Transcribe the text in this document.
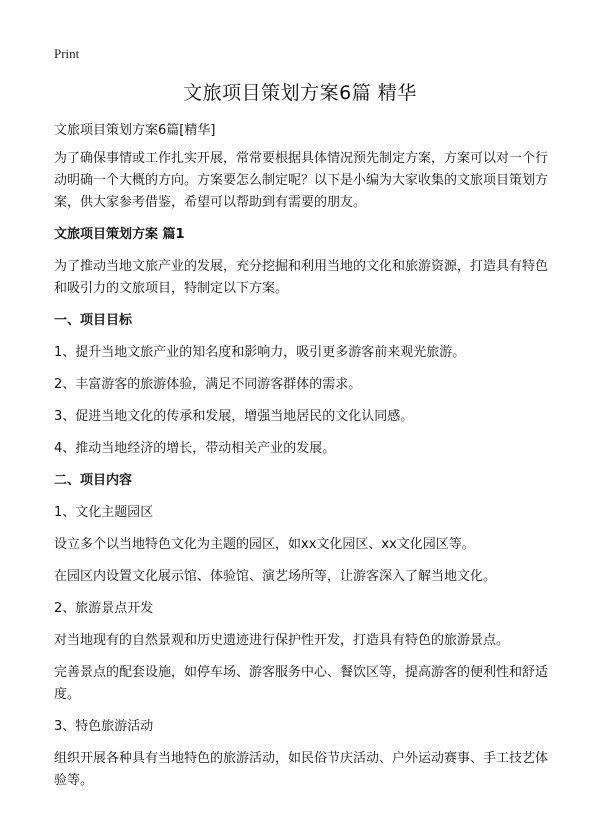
Print
文旅项目策划方案6篇 精华

文旅项目策划方案6篇[精华]

为了确保事情或工作扎实开展，常常要根据具体情况预先制定方案，方案可以对一个行动明确一个大概的方向。方案要怎么制定呢？以下是小编为大家收集的文旅项目策划方案，供大家参考借鉴，希望可以帮助到有需要的朋友。

文旅项目策划方案 篇1

为了推动当地文旅产业的发展，充分挖掘和利用当地的文化和旅游资源，打造具有特色和吸引力的文旅项目，特制定以下方案。

一、项目目标

1、提升当地文旅产业的知名度和影响力，吸引更多游客前来观光旅游。

2、丰富游客的旅游体验，满足不同游客群体的需求。

3、促进当地文化的传承和发展，增强当地居民的文化认同感。

4、推动当地经济的增长，带动相关产业的发展。

二、项目内容

1、文化主题园区

设立多个以当地特色文化为主题的园区，如xx文化园区、xx文化园区等。

在园区内设置文化展示馆、体验馆、演艺场所等，让游客深入了解当地文化。

2、旅游景点开发

对当地现有的自然景观和历史遗迹进行保护性开发，打造具有特色的旅游景点。

完善景点的配套设施，如停车场、游客服务中心、餐饮区等，提高游客的便利性和舒适度。

3、特色旅游活动

组织开展各种具有当地特色的旅游活动，如民俗节庆活动、户外运动赛事、手工技艺体验等。
